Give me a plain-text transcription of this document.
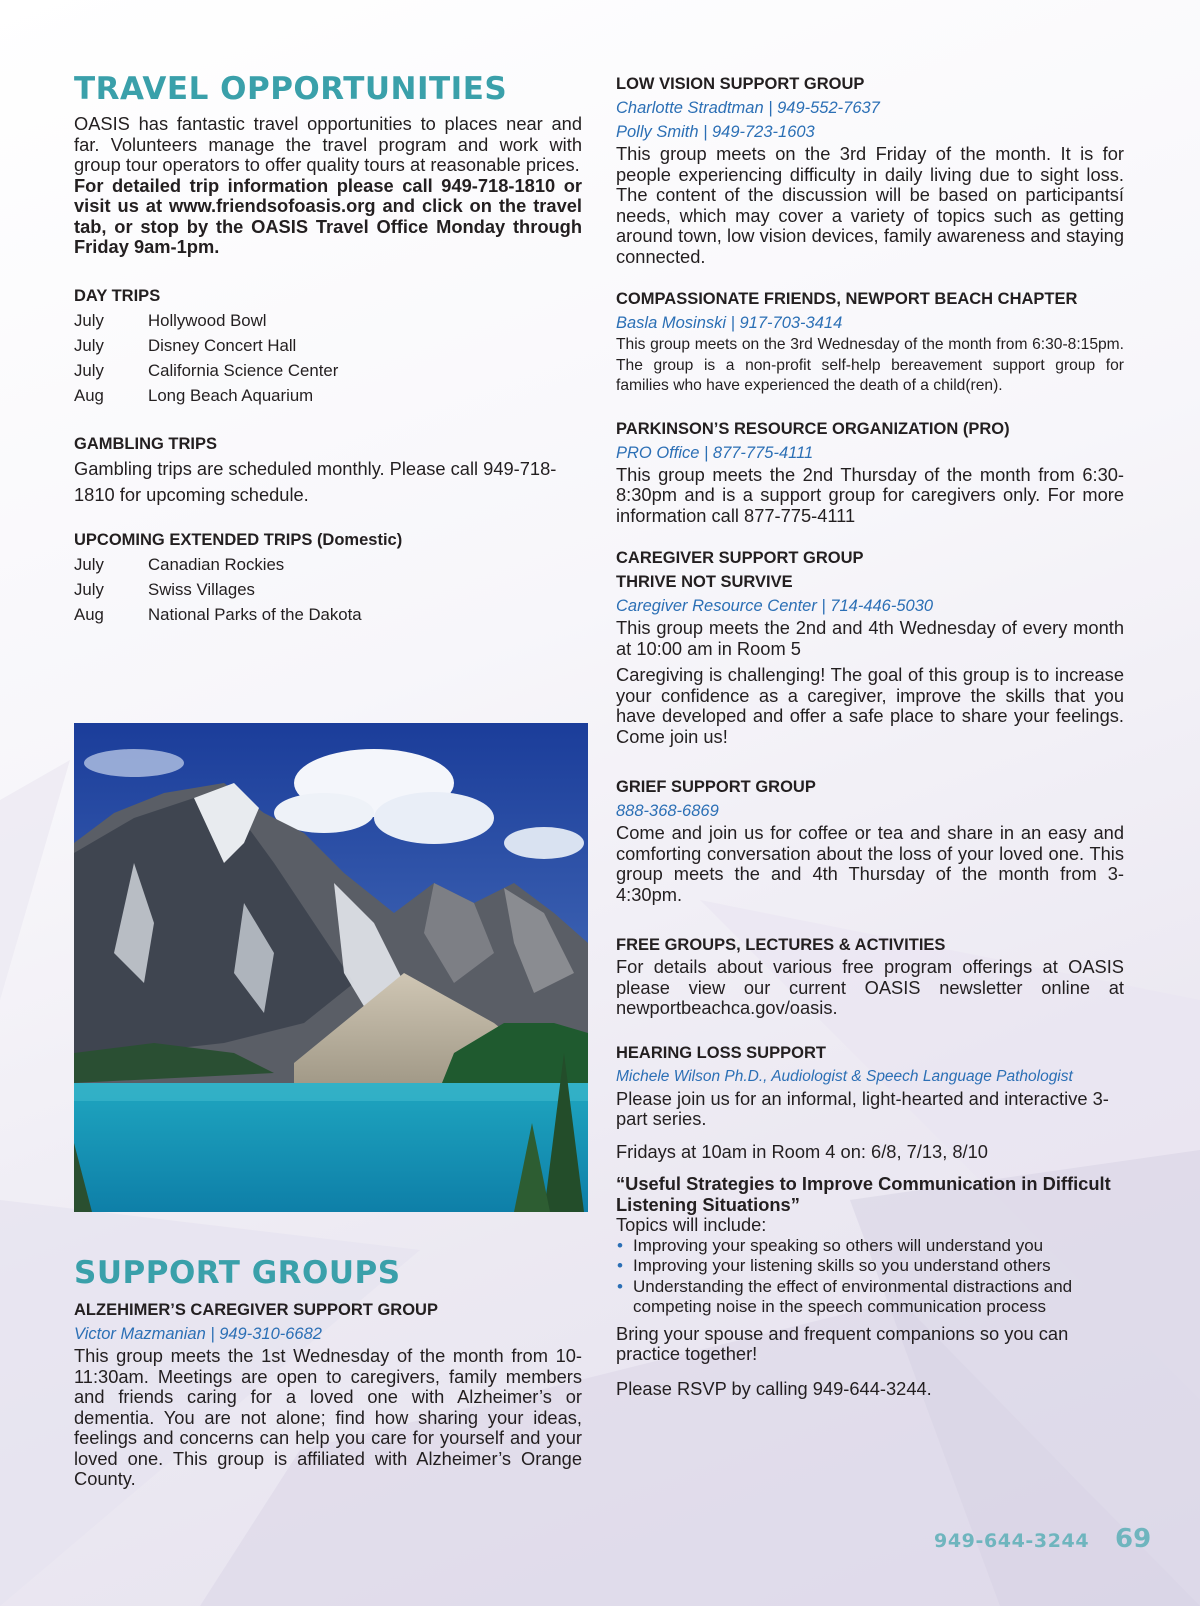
TRAVEL OPPORTUNITIES

OASIS has fantastic travel opportunities to places near and far. Volunteers manage the travel program and work with group tour operators to offer quality tours at reasonable prices.

For detailed trip information please call 949-718-1810 or visit us at www.friendsofoasis.org and click on the travel tab, or stop by the OASIS Travel Office Monday through Friday 9am-1pm.

DAY TRIPS

July	Hollywood Bowl
July	Disney Concert Hall
July	California Science Center
Aug	Long Beach Aquarium

GAMBLING TRIPS

Gambling trips are scheduled monthly. Please call 949-718-1810 for upcoming schedule.

UPCOMING EXTENDED TRIPS (Domestic)

July	Canadian Rockies
July	Swiss Villages
Aug	National Parks of the Dakota
SUPPORT GROUPS

ALZEHIMER’S CAREGIVER SUPPORT GROUP

Victor Mazmanian | 949-310-6682

This group meets the 1st Wednesday of the month from 10-11:30am. Meetings are open to caregivers, family members and friends caring for a loved one with Alzheimer’s or dementia. You are not alone; find how sharing your ideas, feelings and concerns can help you care for yourself and your loved one. This group is affiliated with Alzheimer’s Orange County.

LOW VISION SUPPORT GROUP

Charlotte Stradtman | 949-552-7637

Polly Smith | 949-723-1603

This group meets on the 3rd Friday of the month. It is for people experiencing difficulty in daily living due to sight loss. The content of the discussion will be based on participantsí needs, which may cover a variety of topics such as getting around town, low vision devices, family awareness and staying connected.

COMPASSIONATE FRIENDS, NEWPORT BEACH CHAPTER

Basla Mosinski | 917-703-3414

This group meets on the 3rd Wednesday of the month from 6:30-8:15pm. The group is a non-profit self-help bereavement support group for families who have experienced the death of a child(ren).

PARKINSON’S RESOURCE ORGANIZATION (PRO)

PRO Office | 877-775-4111

This group meets the 2nd Thursday of the month from 6:30-8:30pm and is a support group for caregivers only. For more information call 877-775-4111

CAREGIVER SUPPORT GROUP

THRIVE NOT SURVIVE

Caregiver Resource Center | 714-446-5030

This group meets the 2nd and 4th Wednesday of every month at 10:00 am in Room 5

Caregiving is challenging! The goal of this group is to increase your confidence as a caregiver, improve the skills that you have developed and offer a safe place to share your feelings. Come join us!

GRIEF SUPPORT GROUP

888-368-6869

Come and join us for coffee or tea and share in an easy and comforting conversation about the loss of your loved one. This group meets the and 4th Thursday of the month from 3-4:30pm.

FREE GROUPS, LECTURES & ACTIVITIES

For details about various free program offerings at OASIS please view our current OASIS newsletter online at newportbeachca.gov/oasis.

HEARING LOSS SUPPORT

Michele Wilson Ph.D., Audiologist & Speech Language Pathologist

Please join us for an informal, light-hearted and interactive 3-part series.

Fridays at 10am in Room 4 on: 6/8, 7/13, 8/10

“Useful Strategies to Improve Communication in Difficult Listening Situations”

Topics will include:

• Improving your speaking so others will understand you
• Improving your listening skills so you understand others
• Understanding the effect of environmental distractions and competing noise in the speech communication process

Bring your spouse and frequent companions so you can practice together!

Please RSVP by calling 949-644-3244.

949-644-3244 69
